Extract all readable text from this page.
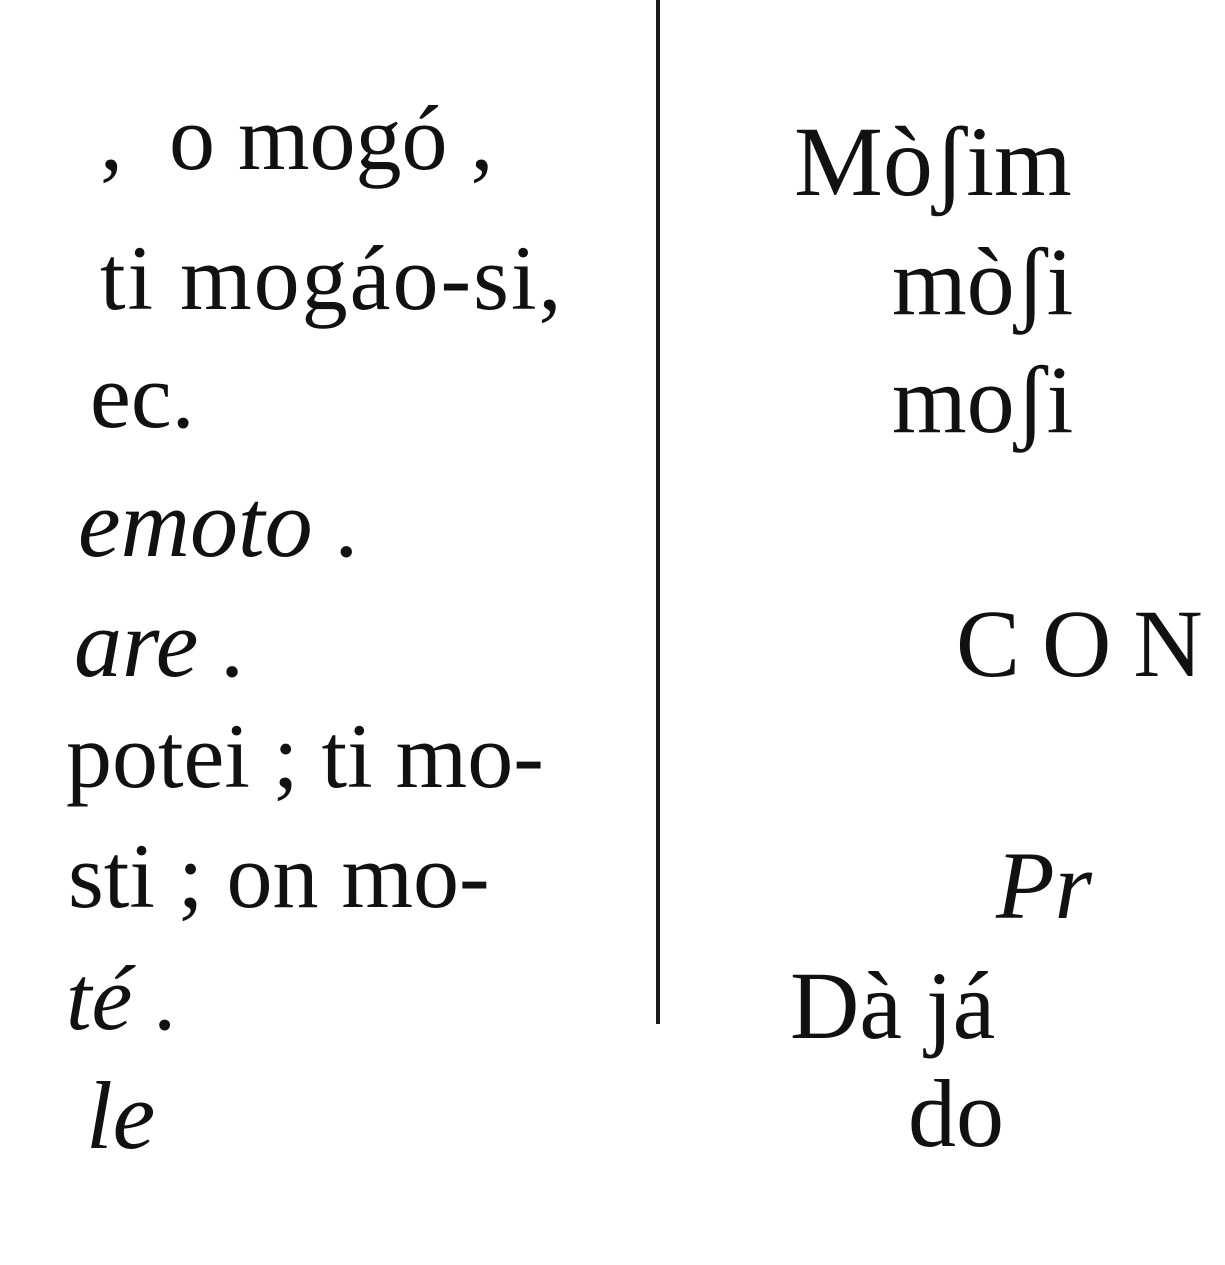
,  o mogó ,

ti mogáo-si,

ec.

emoto .

are .

potei ; ti mo-

sti ; on mo-

té .

le

Mòʃim

mòʃi

moʃi

CON

Pr

Dà já

do
